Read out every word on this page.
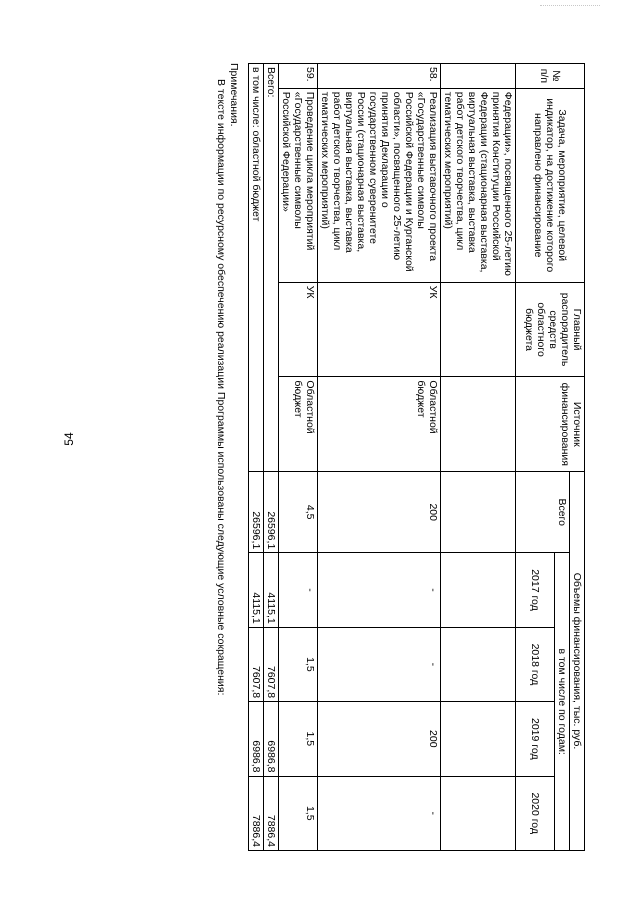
54
№ п/п	Задача, мероприятие, целевой индикатор, на достижение которого направлено финансирование	Главный распорядитель средств областного бюджета	Источник финансирования	Объемы финансирования, тыс. руб.				
				Всего	в том числе по годам:			
					2017 год	2018 год	2019 год	2020 год
	Федерации», посвященного 25-летию принятия Конституции Российской Федерации (стационарная выставка, виртуальная выставка, выставка работ детского творчества, цикл тематических мероприятий)							
58.	Реализация выставочного проекта «Государственные символы Российской Федерации и Курганской области», посвященного 25-летию принятия Декларации о государственном суверенитете России (стационарная выставка, виртуальная выставка, выставка работ детского творчества, цикл тематических мероприятий)	УК	Областной бюджет	200	-	-	200	-
59.	Проведение цикла мероприятий «Государственные символы Российской Федерации»	УК	Областной бюджет	4,5	-	1,5	1,5	1,5
Всего:				26596,1	4115,1	7607,8	6986,8	7886,4
в том числе: областной бюджет				26596,1	4115,1	7607,8	6986,8	7886,4

Примечания.

В тексте информации по ресурсному обеспечению реализации Программы использованы следующие условные сокращения:
